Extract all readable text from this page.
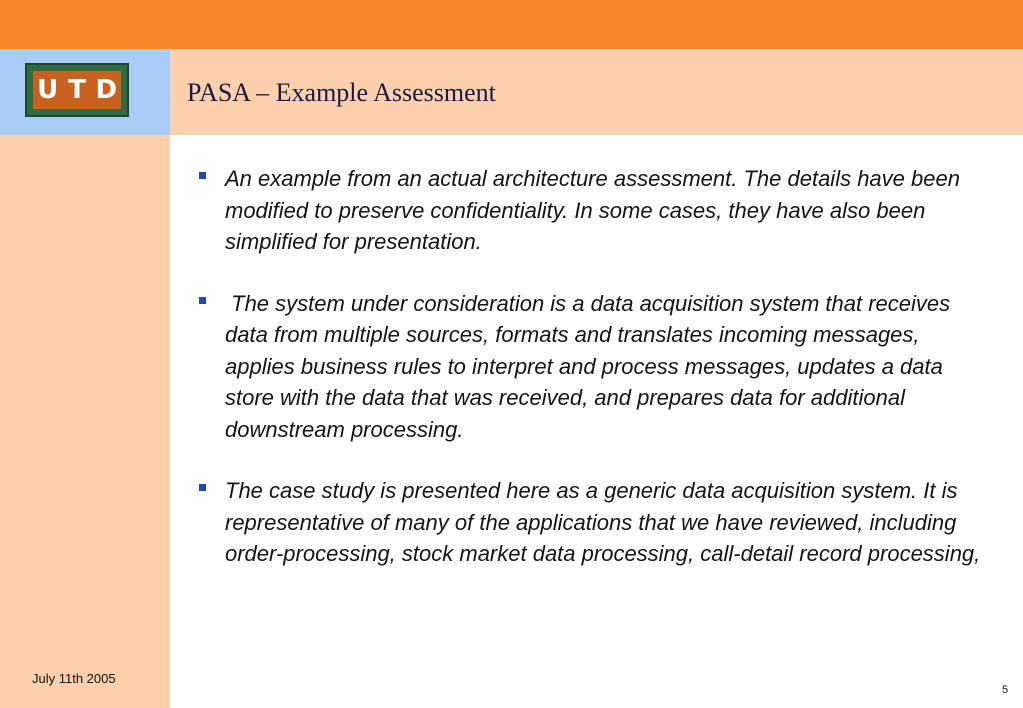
U T D	PASA – Example Assessment
An example from an actual architecture assessment. The details have been modified to preserve confidentiality. In some cases, they have also been simplified for presentation.
The system under consideration is a data acquisition system that receives data from multiple sources, formats and translates incoming messages, applies business rules to interpret and process messages, updates a data store with the data that was received, and prepares data for additional downstream processing.
The case study is presented here as a generic data acquisition system. It is representative of many of the applications that we have reviewed, including order-processing, stock market data processing, call-detail record processing,
July 11th 2005
5
